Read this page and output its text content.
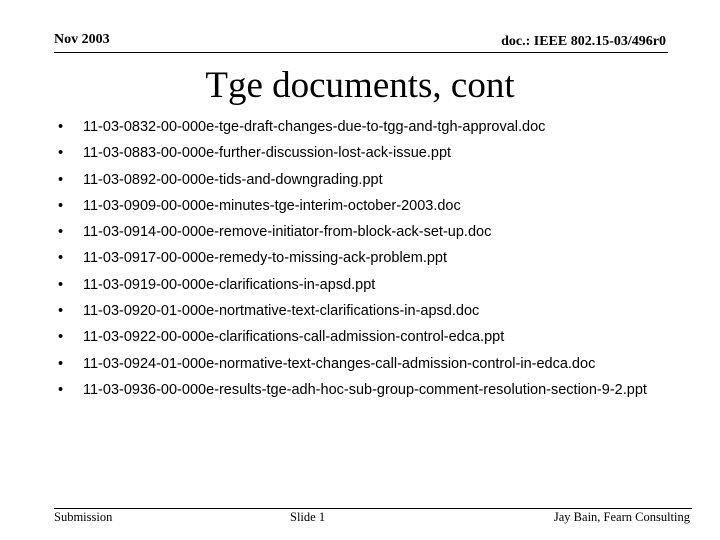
Nov 2003	doc.: IEEE 802.15-03/496r0
Tge documents, cont
•	11-03-0832-00-000e-tge-draft-changes-due-to-tgg-and-tgh-approval.doc
•	11-03-0883-00-000e-further-discussion-lost-ack-issue.ppt
•	11-03-0892-00-000e-tids-and-downgrading.ppt
•	11-03-0909-00-000e-minutes-tge-interim-october-2003.doc
•	11-03-0914-00-000e-remove-initiator-from-block-ack-set-up.doc
•	11-03-0917-00-000e-remedy-to-missing-ack-problem.ppt
•	11-03-0919-00-000e-clarifications-in-apsd.ppt
•	11-03-0920-01-000e-nortmative-text-clarifications-in-apsd.doc
•	11-03-0922-00-000e-clarifications-call-admission-control-edca.ppt
•	11-03-0924-01-000e-normative-text-changes-call-admission-control-in-edca.doc
•	11-03-0936-00-000e-results-tge-adh-hoc-sub-group-comment-resolution-section-9-2.ppt
Submission	Slide 1	Jay Bain, Fearn Consulting
